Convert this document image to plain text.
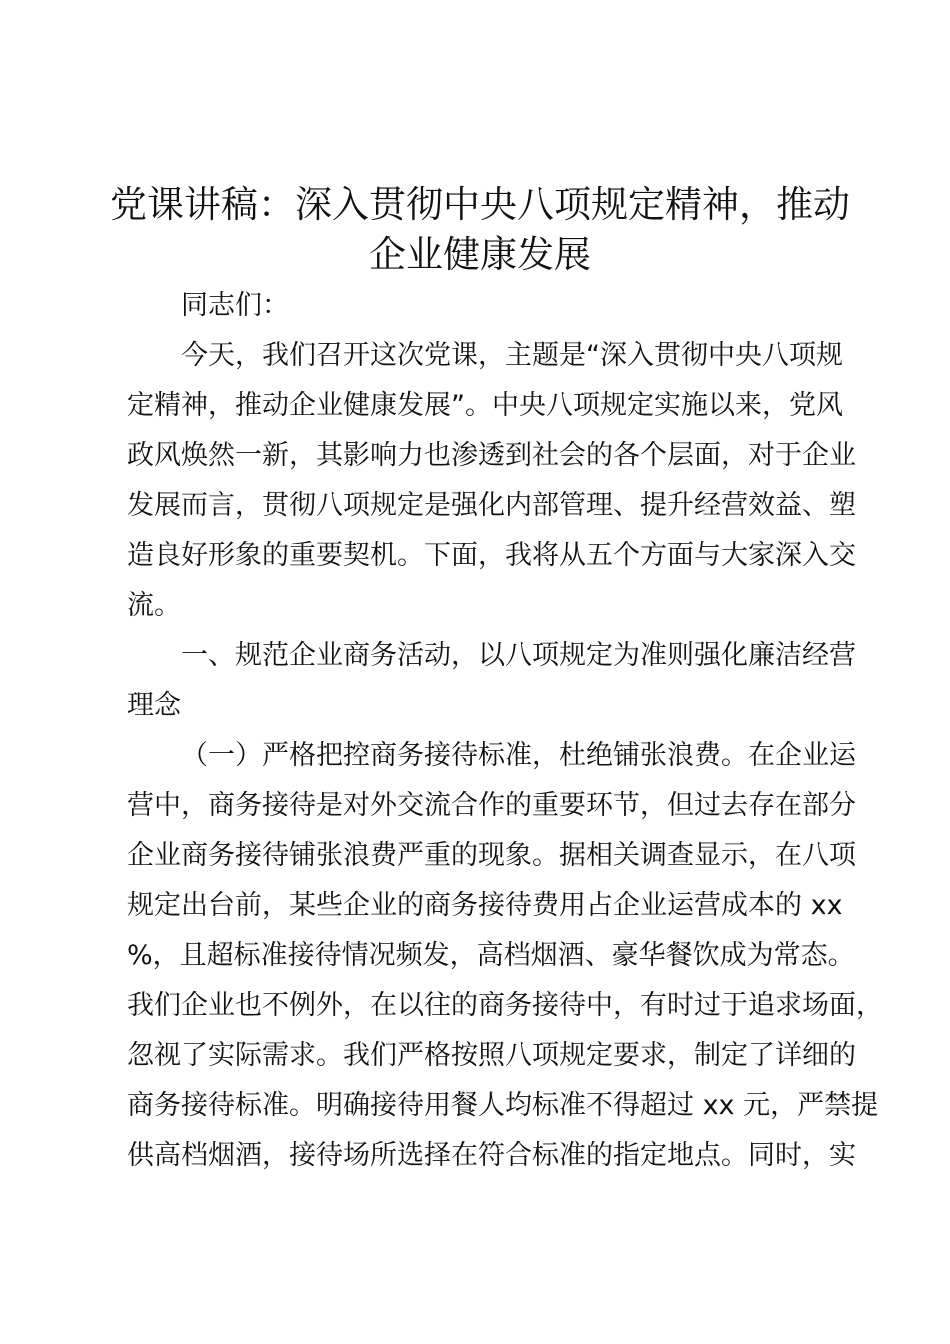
党课讲稿：深入贯彻中央八项规定精神，推动
企业健康发展
同志们：
今天，我们召开这次党课，主题是“深入贯彻中央八项规
定精神，推动企业健康发展”。中央八项规定实施以来，党风
政风焕然一新，其影响力也渗透到社会的各个层面，对于企业
发展而言，贯彻八项规定是强化内部管理、提升经营效益、塑
造良好形象的重要契机。下面，我将从五个方面与大家深入交
流。
一、规范企业商务活动，以八项规定为准则强化廉洁经营
理念
（一）严格把控商务接待标准，杜绝铺张浪费。在企业运
营中，商务接待是对外交流合作的重要环节，但过去存在部分
企业商务接待铺张浪费严重的现象。据相关调查显示，在八项
规定出台前，某些企业的商务接待费用占企业运营成本的 xx
%，且超标准接待情况频发，高档烟酒、豪华餐饮成为常态。
我们企业也不例外，在以往的商务接待中，有时过于追求场面，
忽视了实际需求。我们严格按照八项规定要求，制定了详细的
商务接待标准。明确接待用餐人均标准不得超过 xx 元，严禁提
供高档烟酒，接待场所选择在符合标准的指定地点。同时，实
